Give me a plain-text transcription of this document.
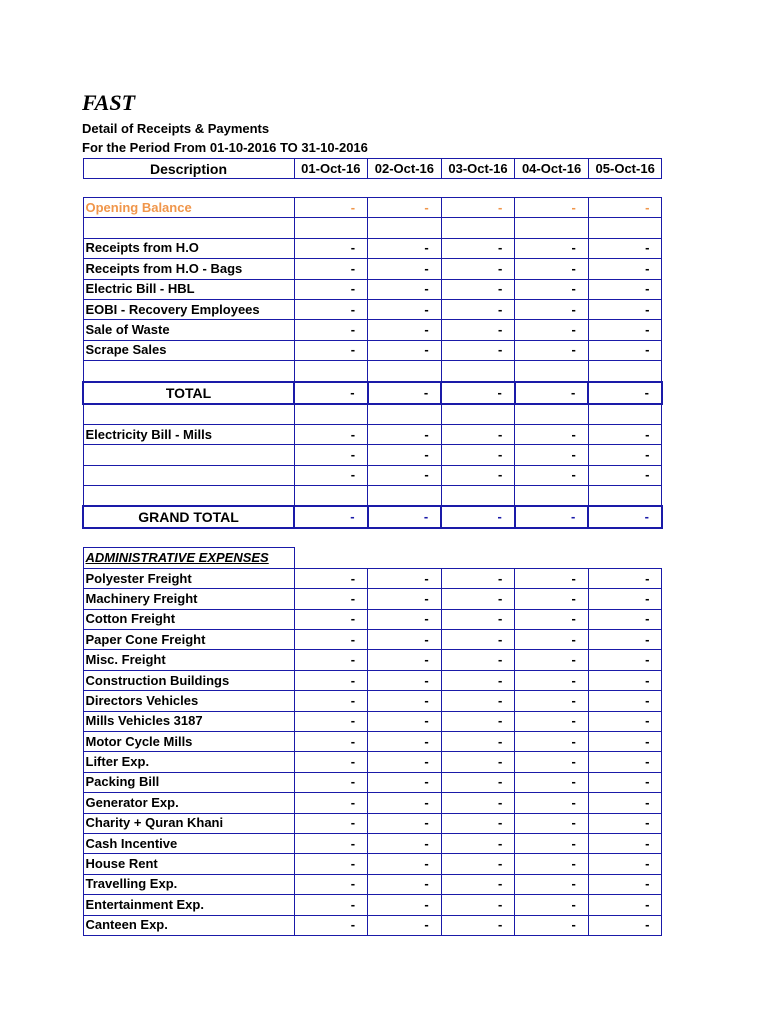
FAST
Detail of Receipts & Payments
For the Period From 01-10-2016 TO 31-10-2016
Description	01-Oct-16	02-Oct-16	03-Oct-16	04-Oct-16	05-Oct-16

Opening Balance	-	-	-	-	-

Receipts from H.O	-	-	-	-	-
Receipts from H.O - Bags	-	-	-	-	-
Electric Bill - HBL	-	-	-	-	-
EOBI - Recovery Employees	-	-	-	-	-
Sale of Waste	-	-	-	-	-
Scrape Sales	-	-	-	-	-

TOTAL	-	-	-	-	-

Electricity Bill - Mills	-	-	-	-	-
	-	-	-	-	-
	-	-	-	-	-

GRAND TOTAL	-	-	-	-	-

ADMINISTRATIVE EXPENSES					
Polyester Freight	-	-	-	-	-
Machinery Freight	-	-	-	-	-
Cotton Freight	-	-	-	-	-
Paper Cone Freight	-	-	-	-	-
Misc. Freight	-	-	-	-	-
Construction Buildings	-	-	-	-	-
Directors Vehicles	-	-	-	-	-
Mills Vehicles 3187	-	-	-	-	-
Motor Cycle Mills	-	-	-	-	-
Lifter Exp.	-	-	-	-	-
Packing Bill	-	-	-	-	-
Generator Exp.	-	-	-	-	-
Charity + Quran Khani	-	-	-	-	-
Cash Incentive	-	-	-	-	-
House Rent	-	-	-	-	-
Travelling Exp.	-	-	-	-	-
Entertainment Exp.	-	-	-	-	-
Canteen Exp.	-	-	-	-	-
